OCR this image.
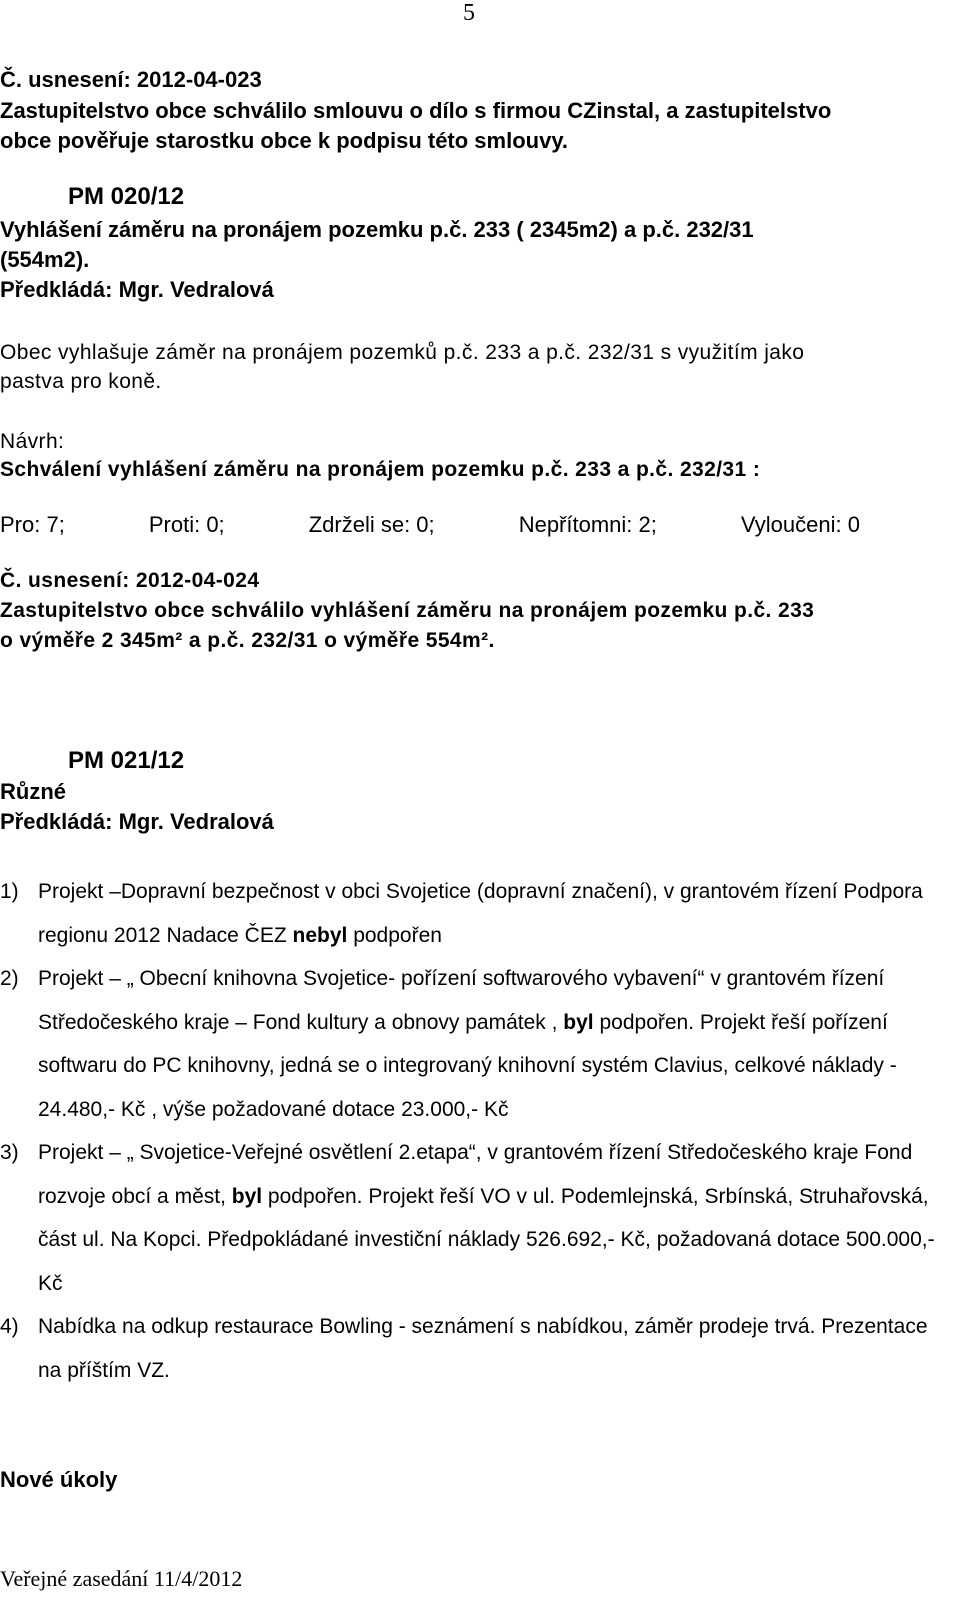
5
Č. usnesení: 2012-04-023
Zastupitelstvo obce schválilo smlouvu o dílo s firmou CZinstal, a zastupitelstvo
obce pověřuje starostku obce k podpisu této smlouvy.
PM 020/12
Vyhlášení záměru na pronájem pozemku p.č. 233 ( 2345m2) a p.č. 232/31
(554m2).
Předkládá: Mgr. Vedralová
Obec vyhlašuje záměr na pronájem pozemků p.č. 233 a p.č. 232/31 s využitím jako
pastva pro koně.
Návrh:
Schválení vyhlášení záměru na pronájem pozemku p.č. 233 a p.č. 232/31 :
Pro: 7;	Proti: 0;	Zdrželi se: 0;	Nepřítomni: 2;	Vyloučeni: 0
Č. usnesení: 2012-04-024
Zastupitelstvo obce schválilo vyhlášení záměru na pronájem pozemku p.č. 233
o výměře 2 345m² a p.č. 232/31 o výměře 554m².
PM 021/12
Různé
Předkládá: Mgr. Vedralová
1) Projekt –Dopravní bezpečnost v obci Svojetice (dopravní značení), v grantovém řízení Podpora regionu 2012 Nadace ČEZ nebyl podpořen
2) Projekt – „ Obecní knihovna Svojetice- pořízení softwarového vybavení“ v grantovém řízení Středočeského kraje – Fond kultury a obnovy památek , byl podpořen. Projekt řeší pořízení softwaru do PC knihovny, jedná se o integrovaný knihovní systém Clavius, celkové náklady - 24.480,- Kč , výše požadované dotace 23.000,- Kč
3) Projekt – „ Svojetice-Veřejné osvětlení 2.etapa“, v grantovém řízení Středočeského kraje Fond rozvoje obcí a měst, byl podpořen. Projekt řeší VO v ul. Podemlejnská, Srbínská, Struhařovská, část ul. Na Kopci. Předpokládané investiční náklady 526.692,- Kč, požadovaná dotace 500.000,- Kč
4) Nabídka na odkup restaurace Bowling - seznámení s nabídkou, záměr prodeje trvá. Prezentace na příštím VZ.
Nové úkoly
Veřejné zasedání 11/4/2012
